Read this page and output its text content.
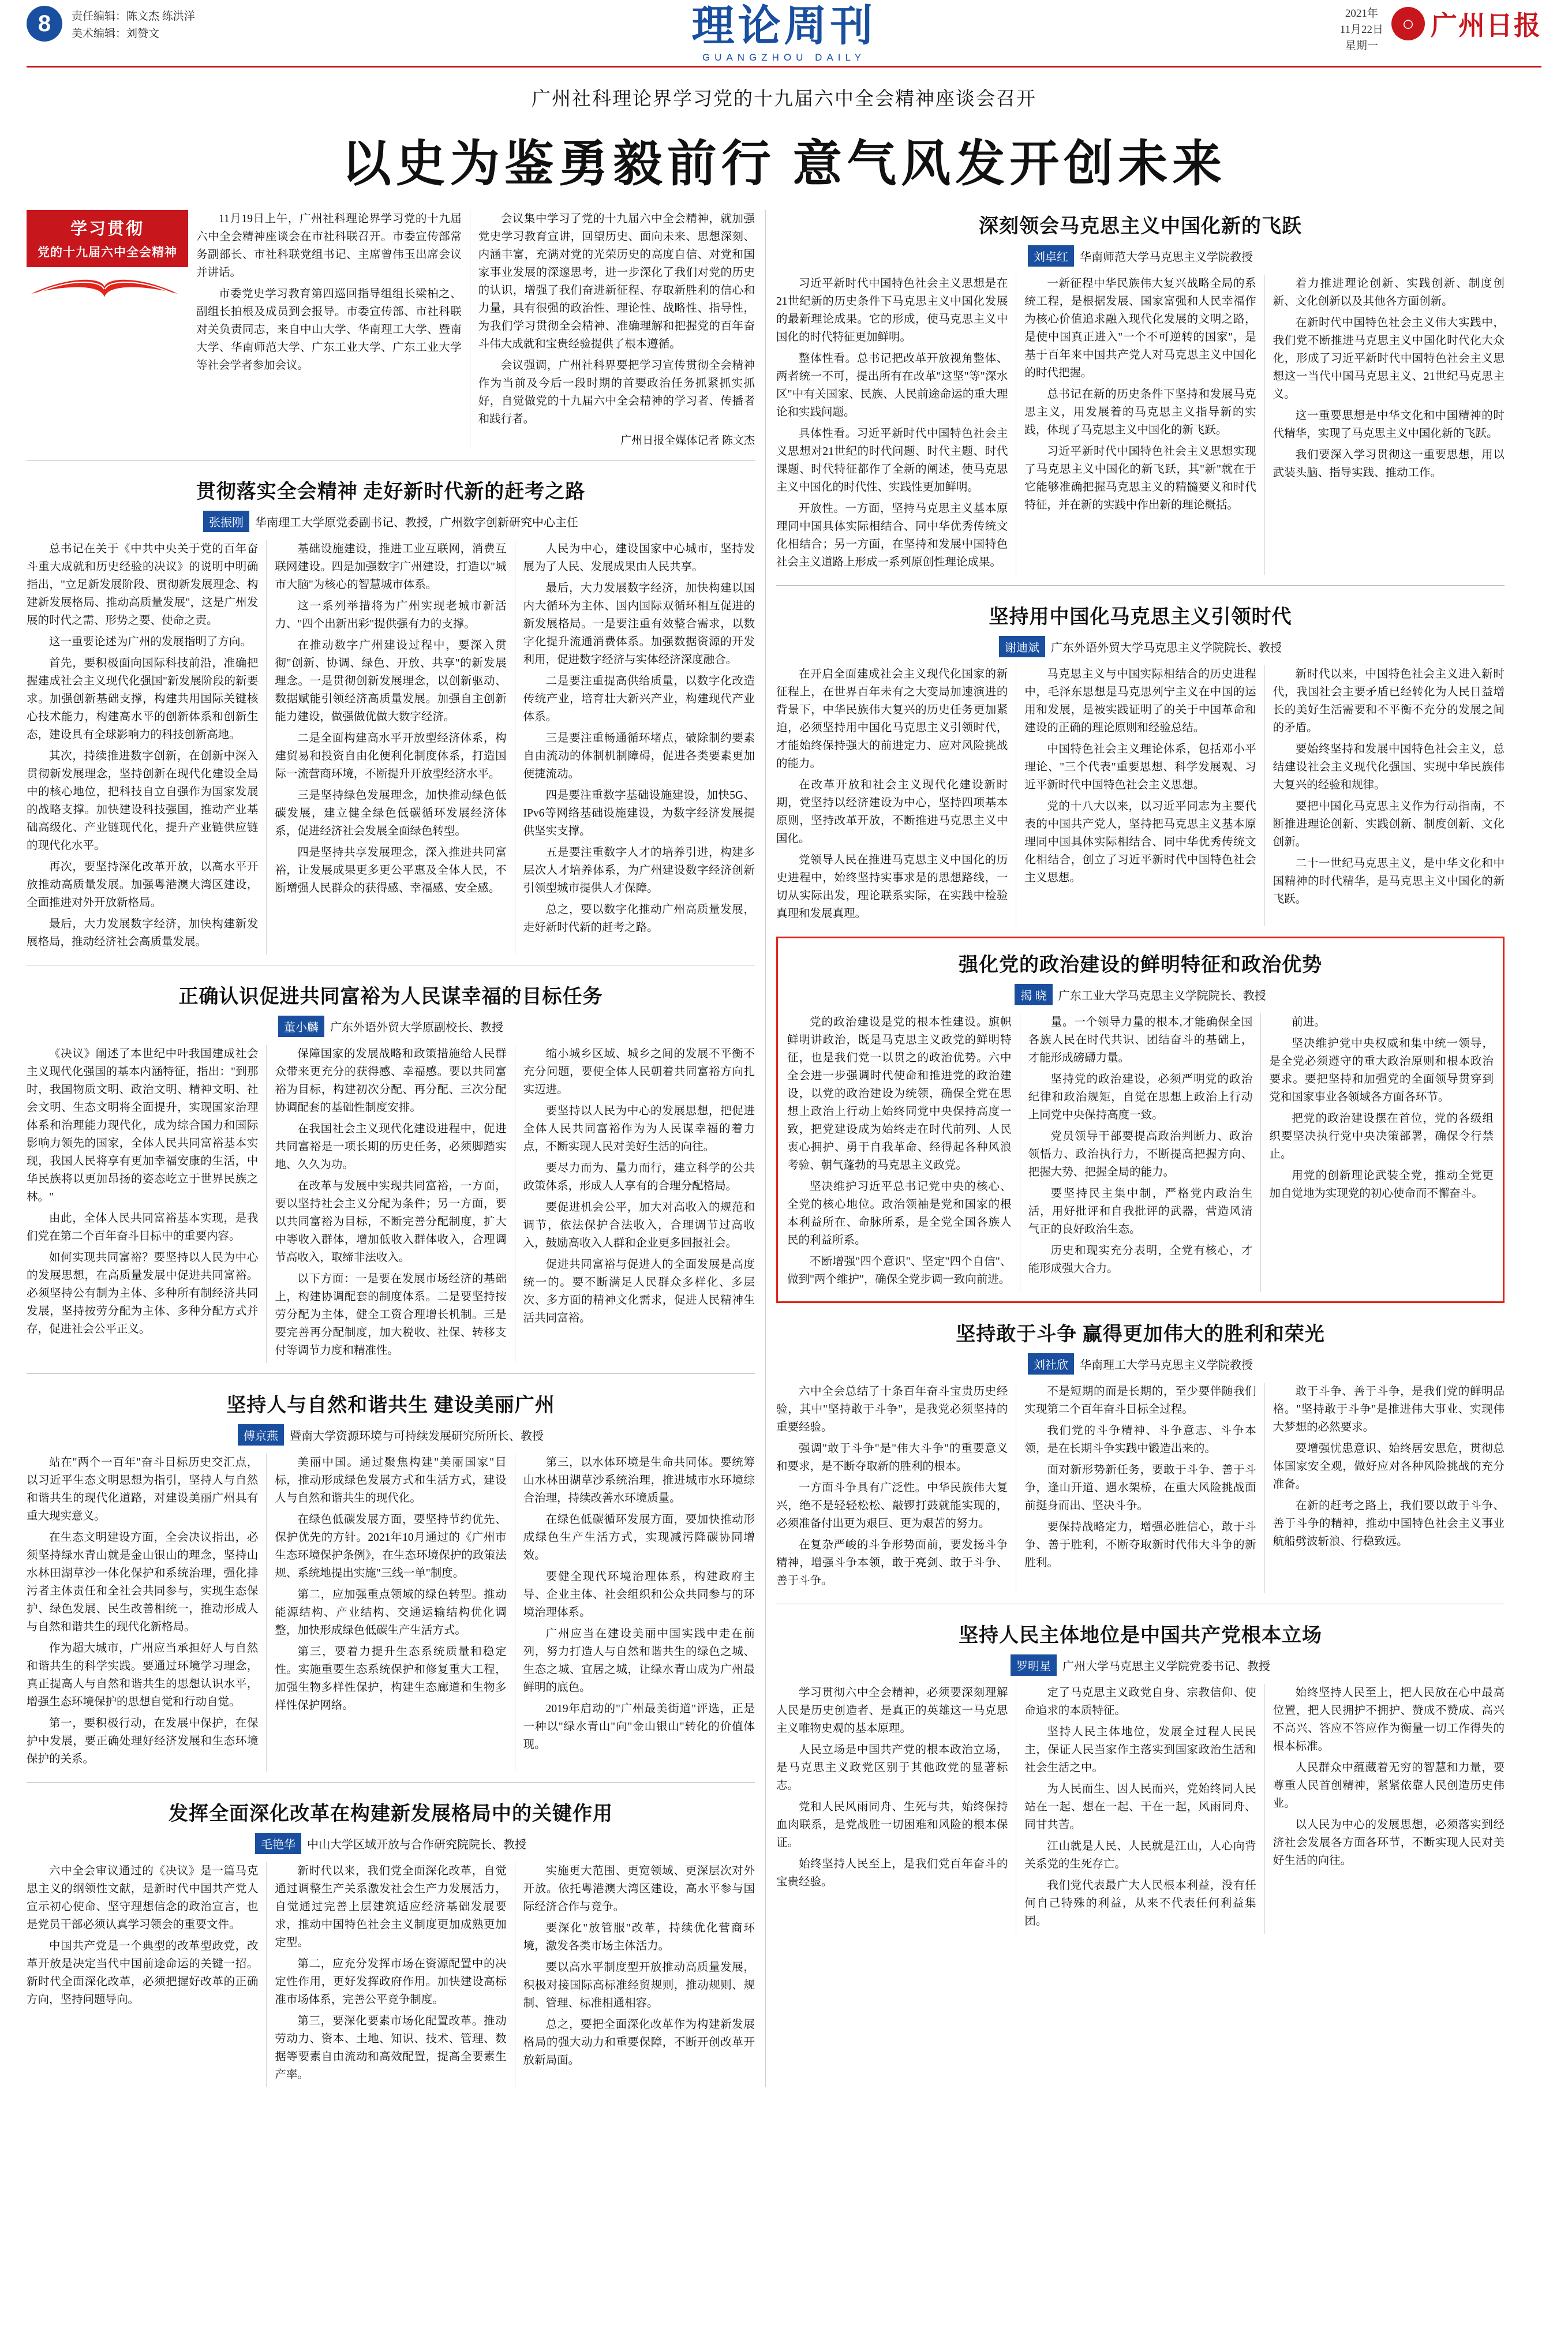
8	责任编辑：陈文杰 练洪洋
美术编辑：刘赞文	理论周刊
GUANGZHOU DAILY
2021年
11月22日
星期一
○ 广州日报
广州社科理论界学习党的十九届六中全会精神座谈会召开
以史为鉴勇毅前行 意气风发开创未来
学习贯彻
党的十九届六中全会精神

11月19日上午，广州社科理论界学习党的十九届六中全会精神座谈会在市社科联召开。市委宣传部常务副部长、市社科联党组书记、主席曾伟玉出席会议并讲话。

市委党史学习教育第四巡回指导组组长梁柏之、副组长拍根及成员到会报导。市委宣传部、市社科联对关负责同志，来自中山大学、华南理工大学、暨南大学、华南师范大学、广东工业大学、广东工业大学等社会学者参加会议。

会议集中学习了党的十九届六中全会精神，就加强党史学习教育宣讲，回望历史、面向未来、思想深刻、内涵丰富，充满对党的光荣历史的高度自信、对党和国家事业发展的深邃思考，进一步深化了我们对党的历史的认识，增强了我们奋进新征程、存取新胜利的信心和力量，具有很强的政治性、理论性、战略性、指导性，为我们学习贯彻全会精神、准确理解和把握党的百年奋斗伟大成就和宝贵经验提供了根本遵循。

会议强调，广州社科界要把学习宣传贯彻全会精神作为当前及今后一段时期的首要政治任务抓紧抓实抓好，自觉做党的十九届六中全会精神的学习者、传播者和践行者。

广州日报全媒体记者 陈文杰
贯彻落实全会精神 走好新时代新的赶考之路
张振刚	华南理工大学原党委副书记、教授，广州数字创新研究中心主任

总书记在关于《中共中央关于党的百年奋斗重大成就和历史经验的决议》的说明中明确指出，"立足新发展阶段、贯彻新发展理念、构建新发展格局、推动高质量发展"，这是广州发展的时代之需、形势之要、使命之责。

这一重要论述为广州的发展指明了方向。

首先，要积极面向国际科技前沿，准确把握建成社会主义现代化强国"新发展阶段的新要求。加强创新基础支撑，构建共用国际关键核心技术能力，构建高水平的创新体系和创新生态，建设具有全球影响力的科技创新高地。

其次，持续推进数字创新，在创新中深入贯彻新发展理念，坚持创新在现代化建设全局中的核心地位，把科技自立自强作为国家发展的战略支撑。加快建设科技强国，推动产业基础高级化、产业链现代化，提升产业链供应链的现代化水平。

再次，要坚持深化改革开放，以高水平开放推动高质量发展。加强粤港澳大湾区建设，全面推进对外开放新格局。

最后，大力发展数字经济，加快构建新发展格局，推动经济社会高质量发展。

基础设施建设，推进工业互联网，消费互联网建设。四是加强数字广州建设，打造以"城市大脑"为核心的智慧城市体系。

这一系列举措将为广州实现老城市新活力、"四个出新出彩"提供强有力的支撑。

在推动数字广州建设过程中，要深入贯彻"创新、协调、绿色、开放、共享"的新发展理念。一是贯彻创新发展理念，以创新驱动、数据赋能引领经济高质量发展。加强自主创新能力建设，做强做优做大数字经济。

二是全面构建高水平开放型经济体系，构建贸易和投资自由化便利化制度体系，打造国际一流营商环境，不断提升开放型经济水平。

三是坚持绿色发展理念，加快推动绿色低碳发展，建立健全绿色低碳循环发展经济体系，促进经济社会发展全面绿色转型。

四是坚持共享发展理念，深入推进共同富裕，让发展成果更多更公平惠及全体人民，不断增强人民群众的获得感、幸福感、安全感。

人民为中心，建设国家中心城市，坚持发展为了人民、发展成果由人民共享。

最后，大力发展数字经济，加快构建以国内大循环为主体、国内国际双循环相互促进的新发展格局。一是要注重有效整合需求，以数字化提升流通消费体系。加强数据资源的开发利用，促进数字经济与实体经济深度融合。

二是要注重提高供给质量，以数字化改造传统产业，培育壮大新兴产业，构建现代产业体系。

三是要注重畅通循环堵点，破除制约要素自由流动的体制机制障碍，促进各类要素更加便捷流动。

四是要注重数字基础设施建设，加快5G、IPv6等网络基础设施建设，为数字经济发展提供坚实支撑。

五是要注重数字人才的培养引进，构建多层次人才培养体系，为广州建设数字经济创新引领型城市提供人才保障。

总之，要以数字化推动广州高质量发展，走好新时代新的赶考之路。

正确认识促进共同富裕为人民谋幸福的目标任务
董小麟	广东外语外贸大学原副校长、教授

《决议》阐述了本世纪中叶我国建成社会主义现代化强国的基本内涵特征，指出："到那时，我国物质文明、政治文明、精神文明、社会文明、生态文明将全面提升，实现国家治理体系和治理能力现代化，成为综合国力和国际影响力领先的国家，全体人民共同富裕基本实现，我国人民将享有更加幸福安康的生活，中华民族将以更加昂扬的姿态屹立于世界民族之林。"

由此，全体人民共同富裕基本实现，是我们党在第二个百年奋斗目标中的重要内容。

如何实现共同富裕？要坚持以人民为中心的发展思想，在高质量发展中促进共同富裕。必须坚持公有制为主体、多种所有制经济共同发展，坚持按劳分配为主体、多种分配方式并存，促进社会公平正义。

保障国家的发展战略和政策措施给人民群众带来更充分的获得感、幸福感。要以共同富裕为目标，构建初次分配、再分配、三次分配协调配套的基础性制度安排。

在我国社会主义现代化建设进程中，促进共同富裕是一项长期的历史任务，必须脚踏实地、久久为功。

在改革与发展中实现共同富裕，一方面，要以坚持社会主义分配为条件；另一方面，要以共同富裕为目标，不断完善分配制度，扩大中等收入群体，增加低收入群体收入，合理调节高收入，取缔非法收入。

以下方面：一是要在发展市场经济的基础上，构建协调配套的制度体系。二是要坚持按劳分配为主体，健全工资合理增长机制。三是要完善再分配制度，加大税收、社保、转移支付等调节力度和精准性。

缩小城乡区域、城乡之间的发展不平衡不充分问题，要使全体人民朝着共同富裕方向扎实迈进。

要坚持以人民为中心的发展思想，把促进全体人民共同富裕作为为人民谋幸福的着力点，不断实现人民对美好生活的向往。

要尽力而为、量力而行，建立科学的公共政策体系，形成人人享有的合理分配格局。

要促进机会公平，加大对高收入的规范和调节，依法保护合法收入，合理调节过高收入，鼓励高收入人群和企业更多回报社会。

促进共同富裕与促进人的全面发展是高度统一的。要不断满足人民群众多样化、多层次、多方面的精神文化需求，促进人民精神生活共同富裕。

坚持人与自然和谐共生 建设美丽广州
傅京燕	暨南大学资源环境与可持续发展研究所所长、教授

站在"两个一百年"奋斗目标历史交汇点，以习近平生态文明思想为指引，坚持人与自然和谐共生的现代化道路，对建设美丽广州具有重大现实意义。

在生态文明建设方面，全会决议指出，必须坚持绿水青山就是金山银山的理念，坚持山水林田湖草沙一体化保护和系统治理，强化排污者主体责任和全社会共同参与，实现生态保护、绿色发展、民生改善相统一，推动形成人与自然和谐共生的现代化新格局。

作为超大城市，广州应当承担好人与自然和谐共生的科学实践。要通过环境学习理念，真正提高人与自然和谐共生的思想认识水平，增强生态环境保护的思想自觉和行动自觉。

第一，要积极行动，在发展中保护，在保护中发展，要正确处理好经济发展和生态环境保护的关系。

美丽中国。通过聚焦构建"美丽国家"目标，推动形成绿色发展方式和生活方式，建设人与自然和谐共生的现代化。

在绿色低碳发展方面，要坚持节约优先、保护优先的方针。2021年10月通过的《广州市生态环境保护条例》，在生态环境保护的政策法规、系统地提出实施"三线一单"制度。

第二，应加强重点领域的绿色转型。推动能源结构、产业结构、交通运输结构优化调整，加快形成绿色低碳生产生活方式。

第三，要着力提升生态系统质量和稳定性。实施重要生态系统保护和修复重大工程，加强生物多样性保护，构建生态廊道和生物多样性保护网络。

第三，以水体环境是生命共同体。要统筹山水林田湖草沙系统治理，推进城市水环境综合治理，持续改善水环境质量。

在绿色低碳循环发展方面，要加快推动形成绿色生产生活方式，实现减污降碳协同增效。

要健全现代环境治理体系，构建政府主导、企业主体、社会组织和公众共同参与的环境治理体系。

广州应当在建设美丽中国实践中走在前列，努力打造人与自然和谐共生的绿色之城、生态之城、宜居之城，让绿水青山成为广州最鲜明的底色。

2019年启动的"广州最美街道"评选，正是一种以"绿水青山"向"金山银山"转化的价值体现。

发挥全面深化改革在构建新发展格局中的关键作用
毛艳华	中山大学区域开放与合作研究院院长、教授

六中全会审议通过的《决议》是一篇马克思主义的纲领性文献，是新时代中国共产党人宣示初心使命、坚守理想信念的政治宣言，也是党员干部必须认真学习领会的重要文件。

中国共产党是一个典型的改革型政党，改革开放是决定当代中国前途命运的关键一招。新时代全面深化改革，必须把握好改革的正确方向，坚持问题导向。

新时代以来，我们党全面深化改革，自觉通过调整生产关系激发社会生产力发展活力，自觉通过完善上层建筑适应经济基础发展要求，推动中国特色社会主义制度更加成熟更加定型。

第二，应充分发挥市场在资源配置中的决定性作用，更好发挥政府作用。加快建设高标准市场体系，完善公平竞争制度。

第三，要深化要素市场化配置改革。推动劳动力、资本、土地、知识、技术、管理、数据等要素自由流动和高效配置，提高全要素生产率。

实施更大范围、更宽领域、更深层次对外开放。依托粤港澳大湾区建设，高水平参与国际经济合作与竞争。

要深化"放管服"改革，持续优化营商环境，激发各类市场主体活力。

要以高水平制度型开放推动高质量发展，积极对接国际高标准经贸规则，推动规则、规制、管理、标准相通相容。

总之，要把全面深化改革作为构建新发展格局的强大动力和重要保障，不断开创改革开放新局面。

深刻领会马克思主义中国化新的飞跃
刘卓红	华南师范大学马克思主义学院教授

习近平新时代中国特色社会主义思想是在21世纪新的历史条件下马克思主义中国化发展的最新理论成果。它的形成，使马克思主义中国化的时代特征更加鲜明。

整体性看。总书记把改革开放视角整体、两者统一不可，提出所有在改革"这坚"等"深水区"中有关国家、民族、人民前途命运的重大理论和实践问题。

具体性看。习近平新时代中国特色社会主义思想对21世纪的时代问题、时代主题、时代课题、时代特征都作了全新的阐述，使马克思主义中国化的时代性、实践性更加鲜明。

开放性。一方面，坚持马克思主义基本原理同中国具体实际相结合、同中华优秀传统文化相结合；另一方面，在坚持和发展中国特色社会主义道路上形成一系列原创性理论成果。

一新征程中华民族伟大复兴战略全局的系统工程，是根据发展、国家富强和人民幸福作为核心价值追求融入现代化发展的文明之路，是使中国真正进入"一个不可逆转的国家"，是基于百年来中国共产党人对马克思主义中国化的时代把握。

总书记在新的历史条件下坚持和发展马克思主义，用发展着的马克思主义指导新的实践，体现了马克思主义中国化的新飞跃。

习近平新时代中国特色社会主义思想实现了马克思主义中国化的新飞跃，其"新"就在于它能够准确把握马克思主义的精髓要义和时代特征，并在新的实践中作出新的理论概括。

着力推进理论创新、实践创新、制度创新、文化创新以及其他各方面创新。

在新时代中国特色社会主义伟大实践中，我们党不断推进马克思主义中国化时代化大众化，形成了习近平新时代中国特色社会主义思想这一当代中国马克思主义、21世纪马克思主义。

这一重要思想是中华文化和中国精神的时代精华，实现了马克思主义中国化新的飞跃。

我们要深入学习贯彻这一重要思想，用以武装头脑、指导实践、推动工作。

坚持用中国化马克思主义引领时代
谢迪斌	广东外语外贸大学马克思主义学院院长、教授

在开启全面建成社会主义现代化国家的新征程上，在世界百年未有之大变局加速演进的背景下，中华民族伟大复兴的历史任务更加紧迫，必须坚持用中国化马克思主义引领时代，才能始终保持强大的前进定力、应对风险挑战的能力。

在改革开放和社会主义现代化建设新时期，党坚持以经济建设为中心，坚持四项基本原则，坚持改革开放，不断推进马克思主义中国化。

党领导人民在推进马克思主义中国化的历史进程中，始终坚持实事求是的思想路线，一切从实际出发，理论联系实际，在实践中检验真理和发展真理。

马克思主义与中国实际相结合的历史进程中，毛泽东思想是马克思列宁主义在中国的运用和发展，是被实践证明了的关于中国革命和建设的正确的理论原则和经验总结。

中国特色社会主义理论体系，包括邓小平理论、"三个代表"重要思想、科学发展观、习近平新时代中国特色社会主义思想。

党的十八大以来，以习近平同志为主要代表的中国共产党人，坚持把马克思主义基本原理同中国具体实际相结合、同中华优秀传统文化相结合，创立了习近平新时代中国特色社会主义思想。

新时代以来，中国特色社会主义进入新时代，我国社会主要矛盾已经转化为人民日益增长的美好生活需要和不平衡不充分的发展之间的矛盾。

要始终坚持和发展中国特色社会主义，总结建设社会主义现代化强国、实现中华民族伟大复兴的经验和规律。

要把中国化马克思主义作为行动指南，不断推进理论创新、实践创新、制度创新、文化创新。

二十一世纪马克思主义，是中华文化和中国精神的时代精华，是马克思主义中国化的新飞跃。

强化党的政治建设的鲜明特征和政治优势
揭 晓	广东工业大学马克思主义学院院长、教授

党的政治建设是党的根本性建设。旗帜鲜明讲政治，既是马克思主义政党的鲜明特征，也是我们党一以贯之的政治优势。六中全会进一步强调时代使命和推进党的政治建设，以党的政治建设为统领，确保全党在思想上政治上行动上始终同党中央保持高度一致，把党建设成为始终走在时代前列、人民衷心拥护、勇于自我革命、经得起各种风浪考验、朝气蓬勃的马克思主义政党。

坚决维护习近平总书记党中央的核心、全党的核心地位。政治领袖是党和国家的根本利益所在、命脉所系，是全党全国各族人民的利益所系。

不断增强"四个意识"、坚定"四个自信"、做到"两个维护"，确保全党步调一致向前进。

量。一个领导力量的根本,才能确保全国各族人民在时代共识、团结奋斗的基础上，才能形成磅礴力量。

坚持党的政治建设，必须严明党的政治纪律和政治规矩，自觉在思想上政治上行动上同党中央保持高度一致。

党员领导干部要提高政治判断力、政治领悟力、政治执行力，不断提高把握方向、把握大势、把握全局的能力。

要坚持民主集中制，严格党内政治生活，用好批评和自我批评的武器，营造风清气正的良好政治生态。

历史和现实充分表明，全党有核心，才能形成强大合力。

前进。

坚决维护党中央权威和集中统一领导，是全党必须遵守的重大政治原则和根本政治要求。要把坚持和加强党的全面领导贯穿到党和国家事业各领域各方面各环节。

把党的政治建设摆在首位，党的各级组织要坚决执行党中央决策部署，确保令行禁止。

用党的创新理论武装全党，推动全党更加自觉地为实现党的初心使命而不懈奋斗。

坚持敢于斗争 赢得更加伟大的胜利和荣光
刘社欣	华南理工大学马克思主义学院教授

六中全会总结了十条百年奋斗宝贵历史经验，其中"坚持敢于斗争"，是我党必须坚持的重要经验。

强调"敢于斗争"是"伟大斗争"的重要意义和要求，是不断夺取新的胜利的根本。

一方面斗争具有广泛性。中华民族伟大复兴，绝不是轻轻松松、敲锣打鼓就能实现的，必须准备付出更为艰巨、更为艰苦的努力。

在复杂严峻的斗争形势面前，要发扬斗争精神，增强斗争本领，敢于亮剑、敢于斗争、善于斗争。

不是短期的而是长期的，至少要伴随我们实现第二个百年奋斗目标全过程。

我们党的斗争精神、斗争意志、斗争本领，是在长期斗争实践中锻造出来的。

面对新形势新任务，要敢于斗争、善于斗争，逢山开道、遇水架桥，在重大风险挑战面前挺身而出、坚决斗争。

要保持战略定力，增强必胜信心，敢于斗争、善于胜利，不断夺取新时代伟大斗争的新胜利。

敢于斗争、善于斗争，是我们党的鲜明品格。"坚持敢于斗争"是推进伟大事业、实现伟大梦想的必然要求。

要增强忧患意识、始终居安思危，贯彻总体国家安全观，做好应对各种风险挑战的充分准备。

在新的赶考之路上，我们要以敢于斗争、善于斗争的精神，推动中国特色社会主义事业航船劈波斩浪、行稳致远。

坚持人民主体地位是中国共产党根本立场
罗明星	广州大学马克思主义学院党委书记、教授

学习贯彻六中全会精神，必须要深刻理解人民是历史创造者、是真正的英雄这一马克思主义唯物史观的基本原理。

人民立场是中国共产党的根本政治立场，是马克思主义政党区别于其他政党的显著标志。

党和人民风雨同舟、生死与共，始终保持血肉联系，是党战胜一切困难和风险的根本保证。

始终坚持人民至上，是我们党百年奋斗的宝贵经验。

定了马克思主义政党自身、宗教信仰、使命追求的本质特征。

坚持人民主体地位，发展全过程人民民主，保证人民当家作主落实到国家政治生活和社会生活之中。

为人民而生、因人民而兴，党始终同人民站在一起、想在一起、干在一起，风雨同舟、同甘共苦。

江山就是人民、人民就是江山，人心向背关系党的生死存亡。

我们党代表最广大人民根本利益，没有任何自己特殊的利益，从来不代表任何利益集团。

始终坚持人民至上，把人民放在心中最高位置，把人民拥护不拥护、赞成不赞成、高兴不高兴、答应不答应作为衡量一切工作得失的根本标准。

人民群众中蕴藏着无穷的智慧和力量，要尊重人民首创精神，紧紧依靠人民创造历史伟业。

以人民为中心的发展思想，必须落实到经济社会发展各方面各环节，不断实现人民对美好生活的向往。
